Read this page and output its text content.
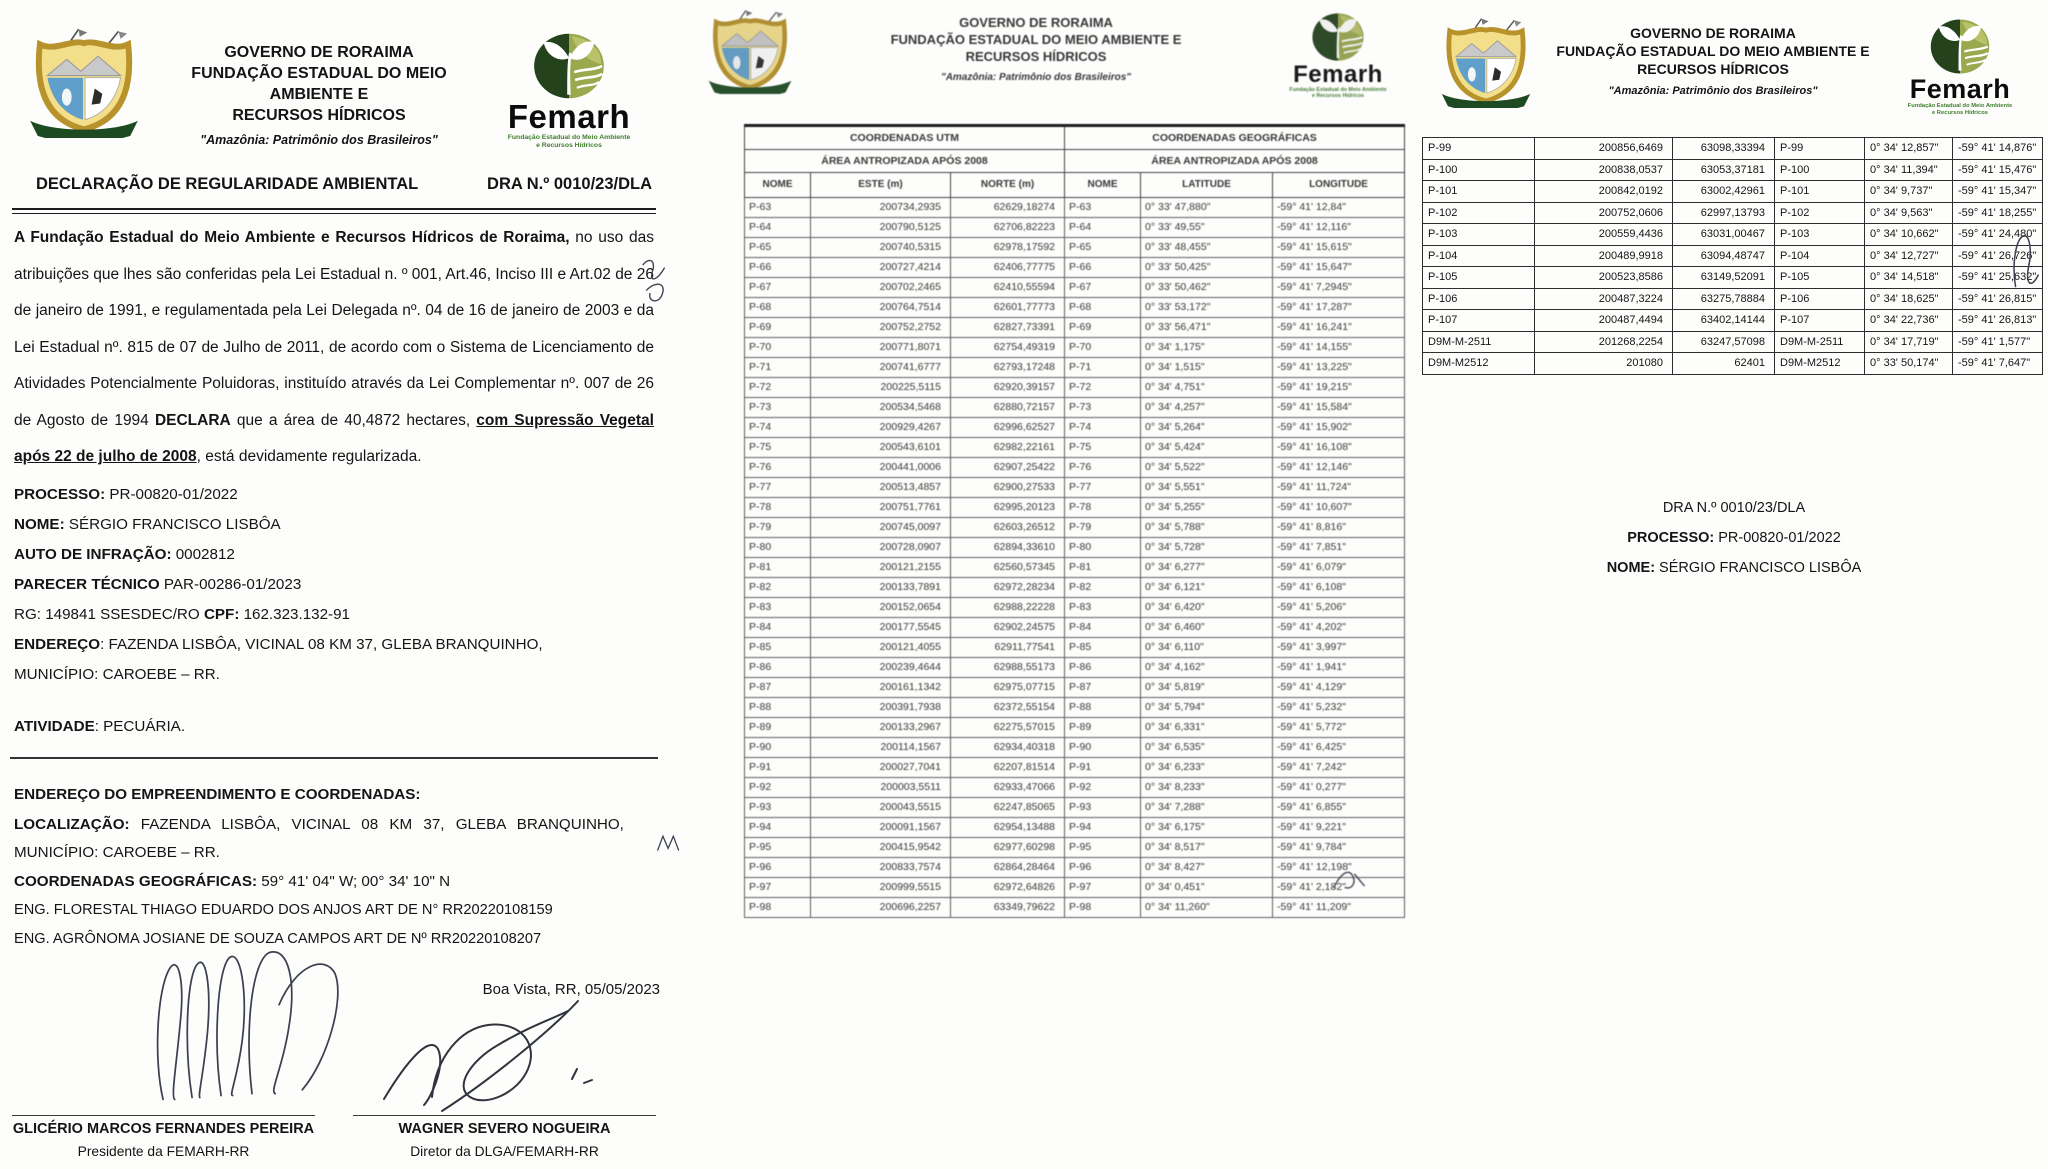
GOVERNO DE RORAIMA
FUNDAÇÃO ESTADUAL DO MEIO AMBIENTE E
RECURSOS HÍDRICOS
"Amazônia: Patrimônio dos Brasileiros"
Femarh
Fundação Estadual do Meio Ambiente
e Recursos Hídricos
DECLARAÇÃO DE REGULARIDADE AMBIENTAL	DRA N.º 0010/23/DLA

A Fundação Estadual do Meio Ambiente e Recursos Hídricos de Roraima, no uso das atribuições que lhes são conferidas pela Lei Estadual n. º 001, Art.46, Inciso III e Art.02 de 26 de janeiro de 1991, e regulamentada pela Lei Delegada nº. 04 de 16 de janeiro de 2003 e da Lei Estadual nº. 815 de 07 de Julho de 2011, de acordo com o Sistema de Licenciamento de Atividades Potencialmente Poluidoras, instituído através da Lei Complementar nº. 007 de 26 de Agosto de 1994 DECLARA que a área de 40,4872 hectares, com Supressão Vegetal após 22 de julho de 2008, está devidamente regularizada.

PROCESSO: PR-00820-01/2022
NOME: SÉRGIO FRANCISCO LISBÔA
AUTO DE INFRAÇÃO: 0002812
PARECER TÉCNICO PAR-00286-01/2023
RG: 149841 SSESDEC/RO CPF: 162.323.132-91
ENDEREÇO: FAZENDA LISBÔA, VICINAL 08 KM 37, GLEBA BRANQUINHO,
MUNICÍPIO: CAROEBE – RR.
ATIVIDADE: PECUÁRIA.
ENDEREÇO DO EMPREENDIMENTO E COORDENADAS:
LOCALIZAÇÃO: FAZENDA LISBÔA, VICINAL 08 KM 37, GLEBA BRANQUINHO,
MUNICÍPIO: CAROEBE – RR.
COORDENADAS GEOGRÁFICAS: 59° 41' 04" W; 00° 34' 10" N
ENG. FLORESTAL THIAGO EDUARDO DOS ANJOS ART DE N° RR20220108159
ENG. AGRÔNOMA JOSIANE DE SOUZA CAMPOS ART DE Nº RR20220108207
Boa Vista, RR, 05/05/2023
GLICÉRIO MARCOS FERNANDES PEREIRA
Presidente da FEMARH-RR
WAGNER SEVERO NOGUEIRA
Diretor da DLGA/FEMARH-RR
GOVERNO DE RORAIMA
FUNDAÇÃO ESTADUAL DO MEIO AMBIENTE E
RECURSOS HÍDRICOS
"Amazônia: Patrimônio dos Brasileiros"	Femarh
Fundação Estadual do Meio Ambiente
e Recursos Hídricos
COORDENADAS UTM			COORDENADAS GEOGRÁFICAS		
ÁREA ANTROPIZADA APÓS 2008			ÁREA ANTROPIZADA APÓS 2008		
NOME	ESTE (m)	NORTE (m)	NOME	LATITUDE	LONGITUDE
P-63	200734,2935	62629,18274	P-63	0° 33' 47,880"	-59° 41' 12,84"
P-64	200790,5125	62706,82223	P-64	0° 33' 49,55"	-59° 41' 12,116"
P-65	200740,5315	62978,17592	P-65	0° 33' 48,455"	-59° 41' 15,615"
P-66	200727,4214	62406,77775	P-66	0° 33' 50,425"	-59° 41' 15,647"
P-67	200702,2465	62410,55594	P-67	0° 33' 50,462"	-59° 41' 7,2945"
P-68	200764,7514	62601,77773	P-68	0° 33' 53,172"	-59° 41' 17,287"
P-69	200752,2752	62827,73391	P-69	0° 33' 56,471"	-59° 41' 16,241"
P-70	200771,8071	62754,49319	P-70	0° 34' 1,175"	-59° 41' 14,155"
P-71	200741,6777	62793,17248	P-71	0° 34' 1,515"	-59° 41' 13,225"
P-72	200225,5115	62920,39157	P-72	0° 34' 4,751"	-59° 41' 19,215"
P-73	200534,5468	62880,72157	P-73	0° 34' 4,257"	-59° 41' 15,584"
P-74	200929,4267	62996,62527	P-74	0° 34' 5,264"	-59° 41' 15,902"
P-75	200543,6101	62982,22161	P-75	0° 34' 5,424"	-59° 41' 16,108"
P-76	200441,0006	62907,25422	P-76	0° 34' 5,522"	-59° 41' 12,146"
P-77	200513,4857	62900,27533	P-77	0° 34' 5,551"	-59° 41' 11,724"
P-78	200751,7761	62995,20123	P-78	0° 34' 5,255"	-59° 41' 10,607"
P-79	200745,0097	62603,26512	P-79	0° 34' 5,788"	-59° 41' 8,816"
P-80	200728,0907	62894,33610	P-80	0° 34' 5,728"	-59° 41' 7,851"
P-81	200121,2155	62560,57345	P-81	0° 34' 6,277"	-59° 41' 6,079"
P-82	200133,7891	62972,28234	P-82	0° 34' 6,121"	-59° 41' 6,108"
P-83	200152,0654	62988,22228	P-83	0° 34' 6,420"	-59° 41' 5,206"
P-84	200177,5545	62902,24575	P-84	0° 34' 6,460"	-59° 41' 4,202"
P-85	200121,4055	62911,77541	P-85	0° 34' 6,110"	-59° 41' 3,997"
P-86	200239,4644	62988,55173	P-86	0° 34' 4,162"	-59° 41' 1,941"
P-87	200161,1342	62975,07715	P-87	0° 34' 5,819"	-59° 41' 4,129"
P-88	200391,7938	62372,55154	P-88	0° 34' 5,794"	-59° 41' 5,232"
P-89	200133,2967	62275,57015	P-89	0° 34' 6,331"	-59° 41' 5,772"
P-90	200114,1567	62934,40318	P-90	0° 34' 6,535"	-59° 41' 6,425"
P-91	200027,7041	62207,81514	P-91	0° 34' 6,233"	-59° 41' 7,242"
P-92	200003,5511	62933,47066	P-92	0° 34' 8,233"	-59° 41' 0,277"
P-93	200043,5515	62247,85065	P-93	0° 34' 7,288"	-59° 41' 6,855"
P-94	200091,1567	62954,13488	P-94	0° 34' 6,175"	-59° 41' 9,221"
P-95	200415,9542	62977,60298	P-95	0° 34' 8,517"	-59° 41' 9,784"
P-96	200833,7574	62864,28464	P-96	0° 34' 8,427"	-59° 41' 12,198"
P-97	200999,5515	62972,64826	P-97	0° 34' 0,451"	-59° 41' 2,182"
P-98	200696,2257	63349,79622	P-98	0° 34' 11,260"	-59° 41' 11,209"
GOVERNO DE RORAIMA
FUNDAÇÃO ESTADUAL DO MEIO AMBIENTE E
RECURSOS HÍDRICOS
"Amazônia: Patrimônio dos Brasileiros"	Femarh
Fundação Estadual do Meio Ambiente
e Recursos Hídricos
P-99	200856,6469	63098,33394	P-99	0° 34' 12,857"	-59° 41' 14,876"
P-100	200838,0537	63053,37181	P-100	0° 34' 11,394"	-59° 41' 15,476"
P-101	200842,0192	63002,42961	P-101	0° 34' 9,737"	-59° 41' 15,347"
P-102	200752,0606	62997,13793	P-102	0° 34' 9,563"	-59° 41' 18,255"
P-103	200559,4436	63031,00467	P-103	0° 34' 10,662"	-59° 41' 24,480"
P-104	200489,9918	63094,48747	P-104	0° 34' 12,727"	-59° 41' 26,726"
P-105	200523,8586	63149,52091	P-105	0° 34' 14,518"	-59° 41' 25,632"
P-106	200487,3224	63275,78884	P-106	0° 34' 18,625"	-59° 41' 26,815"
P-107	200487,4494	63402,14144	P-107	0° 34' 22,736"	-59° 41' 26,813"
D9M-M-2511	201268,2254	63247,57098	D9M-M-2511	0° 34' 17,719"	-59° 41' 1,577"
D9M-M2512	201080	62401	D9M-M2512	0° 33' 50,174"	-59° 41' 7,647"
DRA N.º 0010/23/DLA
PROCESSO: PR-00820-01/2022
NOME: SÉRGIO FRANCISCO LISBÔA
